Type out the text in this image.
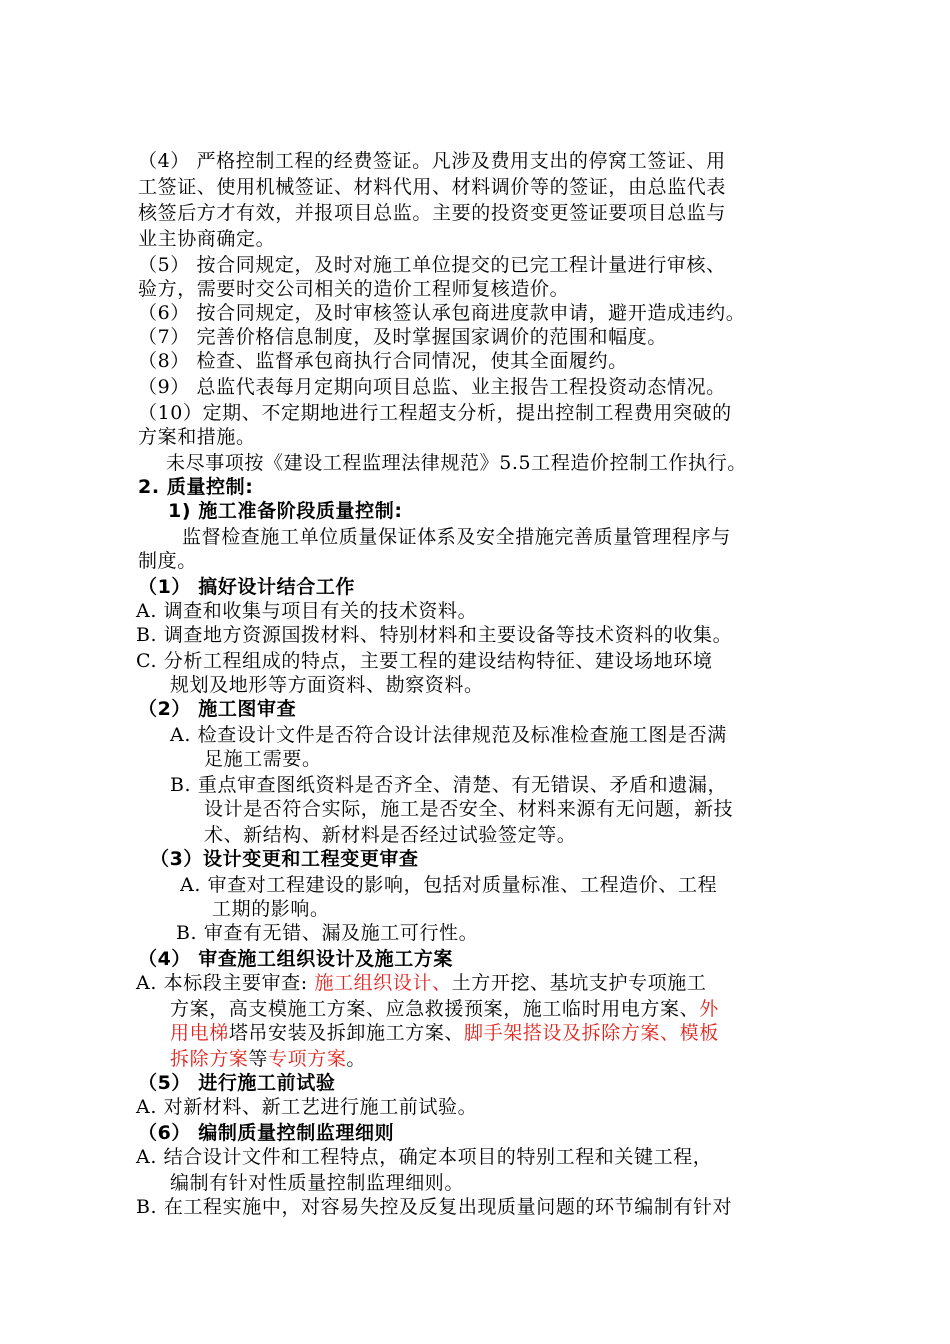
（4） 严格控制工程的经费签证。凡涉及费用支出的停窝工签证、用
工签证、使用机械签证、材料代用、材料调价等的签证，由总监代表
核签后方才有效，并报项目总监。主要的投资变更签证要项目总监与
业主协商确定。
（5） 按合同规定，及时对施工单位提交的已完工程计量进行审核、
验方，需要时交公司相关的造价工程师复核造价。
（6） 按合同规定，及时审核签认承包商进度款申请，避开造成违约。
（7） 完善价格信息制度，及时掌握国家调价的范围和幅度。
（8） 检查、监督承包商执行合同情况，使其全面履约。
（9） 总监代表每月定期向项目总监、业主报告工程投资动态情况。
（10）定期、不定期地进行工程超支分析，提出控制工程费用突破的
方案和措施。
未尽事项按《建设工程监理法律规范》5.5工程造价控制工作执行。
2. 质量控制:
1) 施工准备阶段质量控制:
监督检查施工单位质量保证体系及安全措施完善质量管理程序与
制度。
（1） 搞好设计结合工作
A. 调查和收集与项目有关的技术资料。
B. 调查地方资源国拨材料、特别材料和主要设备等技术资料的收集。
C. 分析工程组成的特点，主要工程的建设结构特征、建设场地环境
规划及地形等方面资料、勘察资料。
（2） 施工图审查
A. 检查设计文件是否符合设计法律规范及标准检查施工图是否满
足施工需要。
B. 重点审查图纸资料是否齐全、清楚、有无错误、矛盾和遗漏，
设计是否符合实际，施工是否安全、材料来源有无问题，新技
术、新结构、新材料是否经过试验签定等。
（3）设计变更和工程变更审查
A. 审查对工程建设的影响，包括对质量标准、工程造价、工程
工期的影响。
B. 审查有无错、漏及施工可行性。
（4） 审查施工组织设计及施工方案
A. 本标段主要审查: 施工组织设计、土方开挖、基坑支护专项施工
方案，高支模施工方案、应急救援预案，施工临时用电方案、外
用电梯塔吊安装及拆卸施工方案、脚手架搭设及拆除方案、模板
拆除方案等专项方案。
（5） 进行施工前试验
A. 对新材料、新工艺进行施工前试验。
（6） 编制质量控制监理细则
A. 结合设计文件和工程特点，确定本项目的特别工程和关键工程，
编制有针对性质量控制监理细则。
B. 在工程实施中，对容易失控及反复出现质量问题的环节编制有针对
